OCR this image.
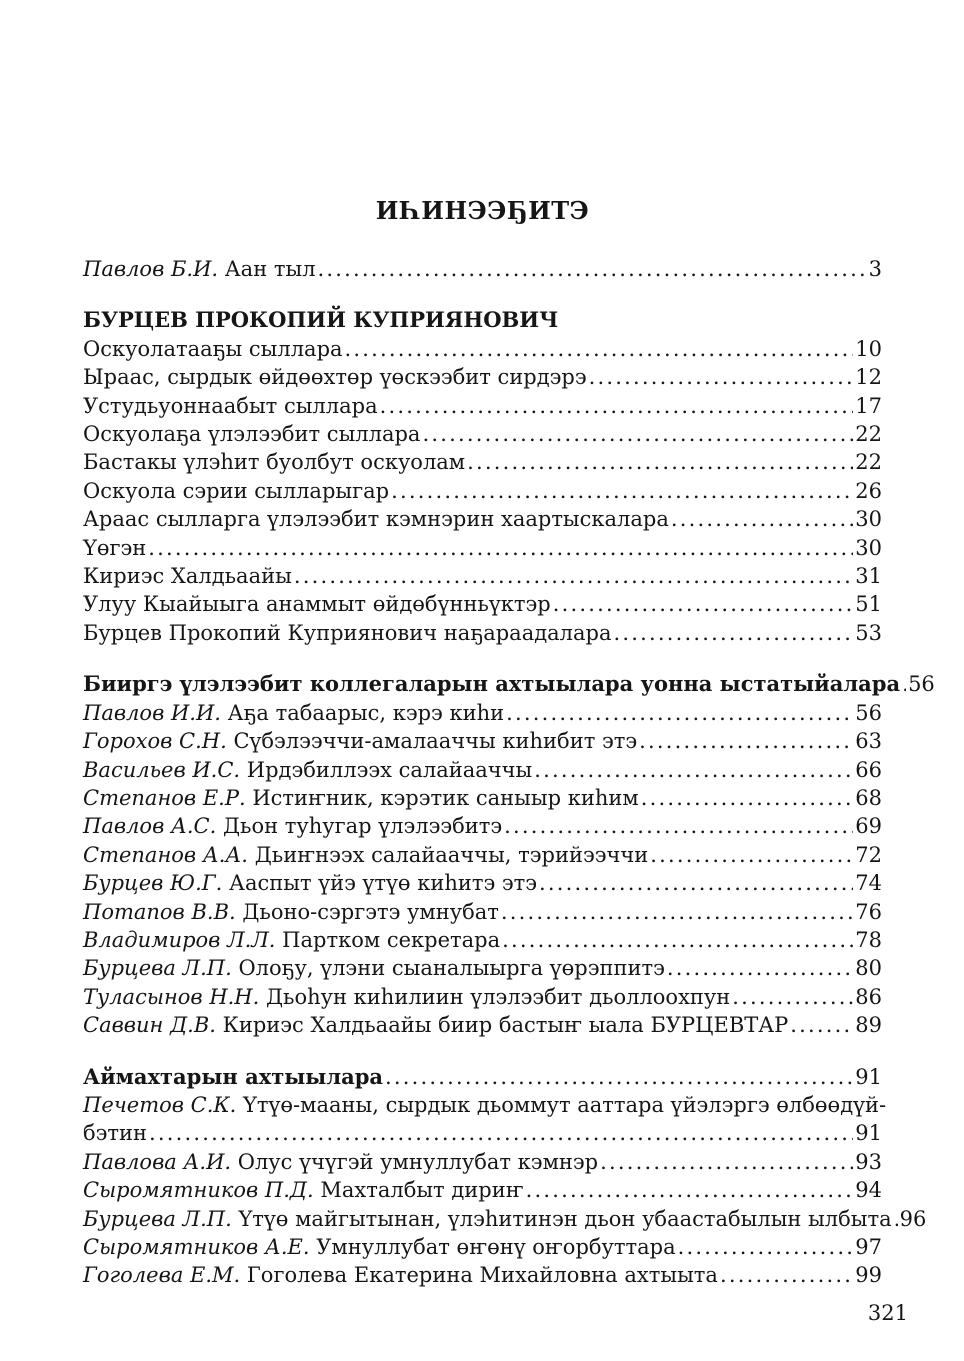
ИҺИНЭЭҔИТЭ
Павлов Б.И. Аан тыл .....	3
БУРЦЕВ ПРОКОПИЙ КУПРИЯНОВИЧ
Оскуолатааҕы сыллара .....	10
Ыраас, сырдык өйдөөхтөр үөскээбит сирдэрэ .....	12
Устудьуоннаабыт сыллара .....	17
Оскуолаҕа үлэлээбит сыллара .....	22
Бастакы үлэһит буолбут оскуолам .....	22
Оскуола сэрии сылларыгар .....	26
Араас сылларга үлэлээбит кэмнэрин хаартыскалара .....	30
Үөгэн .....	30
Кириэс Халдьаайы .....	31
Улуу Кыайыыга анаммыт өйдөбүнньүктэр .....	51
Бурцев Прокопий Куприянович наҕараадалара .....	53
Бииргэ үлэлээбит коллегаларын ахтыылара уонна ыстатыйалара ..... 56
Павлов И.И. Аҕа табаарыс, кэрэ киһи .....	56
Горохов С.Н. Сүбэлээччи-амалааччы киһибит этэ .....	63
Васильев И.С. Ирдэбиллээх салайааччы .....	66
Степанов Е.Р. Истиҥник, кэрэтик саныыр киһим .....	68
Павлов А.С. Дьон туһугар үлэлээбитэ .....	69
Степанов А.А. Дьиҥнээх салайааччы, тэрийээччи .....	72
Бурцев Ю.Г. Ааспыт үйэ үтүө киһитэ этэ .....	74
Потапов В.В. Дьоно-сэргэтэ умнубат .....	76
Владимиров Л.Л. Партком секретара .....	78
Бурцева Л.П. Олоҕу, үлэни сыаналыырга үөрэппитэ .....	80
Туласынов Н.Н. Дьоһун киһилиин үлэлээбит дьоллоохпун .....	86
Саввин Д.В. Кириэс Халдьаайы биир бастыҥ ыала БУРЦЕВТАР .....	89
Аймахтарын ахтыылара .....	91
Печетов С.К. Үтүө-мааны, сырдык дьоммут ааттара үйэлэргэ өлбөөдүй-
бэтин .....	91
Павлова А.И. Олус үчүгэй умнуллубат кэмнэр .....	93
Сыромятников П.Д. Махталбыт дириҥ .....	94
Бурцева Л.П. Үтүө майгытынан, үлэһитинэн дьон убаастабылын ылбыта ..... 96
Сыромятников А.Е. Умнуллубат өҥөнү оҥорбуттара .....	97
Гоголева Е.М. Гоголева Екатерина Михайловна ахтыыта .....	99
321
